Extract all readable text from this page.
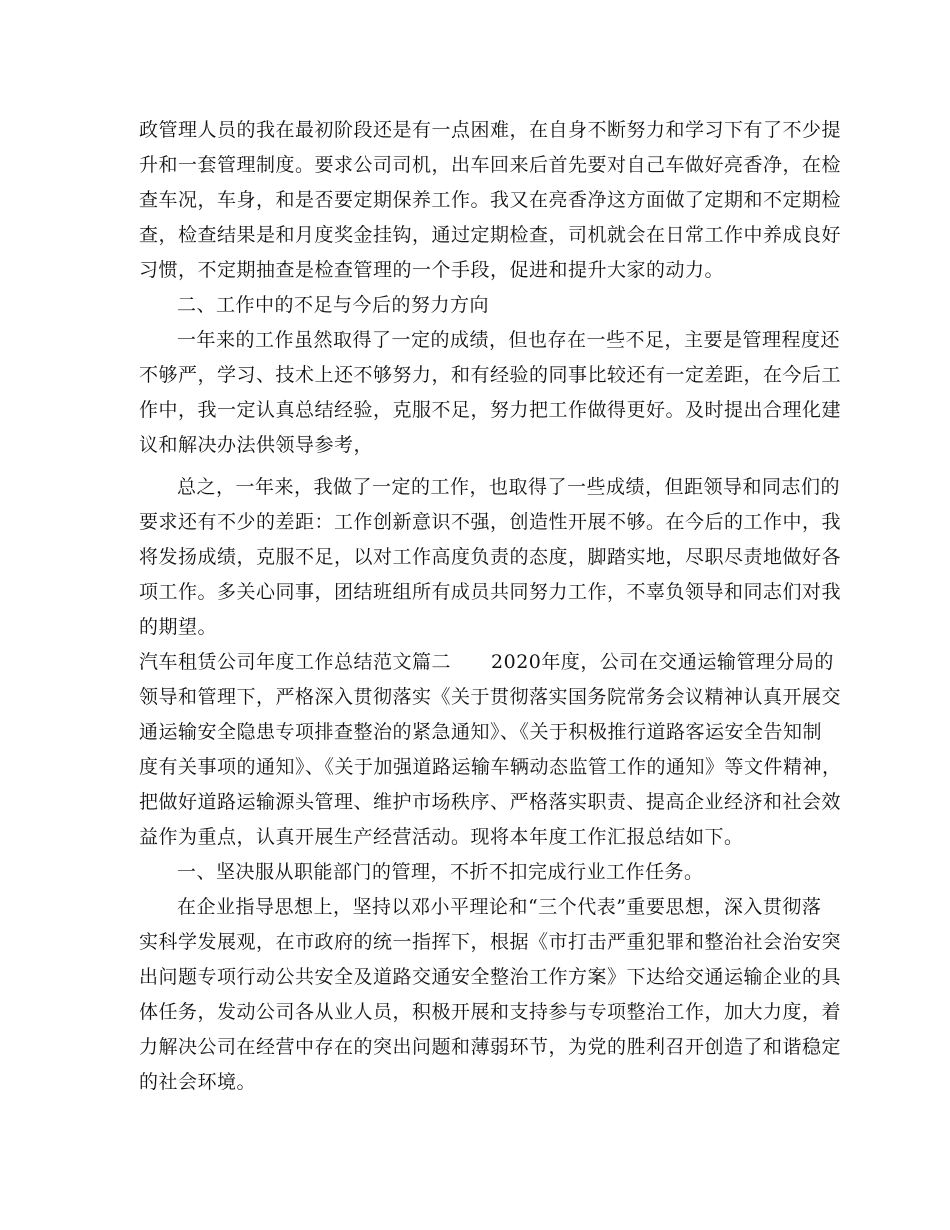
政管理人员的我在最初阶段还是有一点困难，在自身不断努力和学习下有了不少提

升和一套管理制度。要求公司司机，出车回来后首先要对自己车做好亮香净，在检

查车况，车身，和是否要定期保养工作。我又在亮香净这方面做了定期和不定期检

查，检查结果是和月度奖金挂钩，通过定期检查，司机就会在日常工作中养成良好

习惯，不定期抽查是检查管理的一个手段，促进和提升大家的动力。

二、工作中的不足与今后的努力方向

一年来的工作虽然取得了一定的成绩，但也存在一些不足，主要是管理程度还

不够严，学习、技术上还不够努力，和有经验的同事比较还有一定差距，在今后工

作中，我一定认真总结经验，克服不足，努力把工作做得更好。及时提出合理化建

议和解决办法供领导参考，

总之，一年来，我做了一定的工作，也取得了一些成绩，但距领导和同志们的

要求还有不少的差距：工作创新意识不强，创造性开展不够。在今后的工作中，我

将发扬成绩，克服不足，以对工作高度负责的态度，脚踏实地，尽职尽责地做好各

项工作。多关心同事，团结班组所有成员共同努力工作，不辜负领导和同志们对我

的期望。

汽车租赁公司年度工作总结范文篇二 2020年度，公司在交通运输管理分局的

领导和管理下，严格深入贯彻落实《关于贯彻落实国务院常务会议精神认真开展交

通运输安全隐患专项排查整治的紧急通知》、《关于积极推行道路客运安全告知制

度有关事项的通知》、《关于加强道路运输车辆动态监管工作的通知》等文件精神，

把做好道路运输源头管理、维护市场秩序、严格落实职责、提高企业经济和社会效

益作为重点，认真开展生产经营活动。现将本年度工作汇报总结如下。

一、坚决服从职能部门的管理，不折不扣完成行业工作任务。

在企业指导思想上，坚持以邓小平理论和“三个代表”重要思想，深入贯彻落

实科学发展观，在市政府的统一指挥下，根据《市打击严重犯罪和整治社会治安突

出问题专项行动公共安全及道路交通安全整治工作方案》下达给交通运输企业的具

体任务，发动公司各从业人员，积极开展和支持参与专项整治工作，加大力度，着

力解决公司在经营中存在的突出问题和薄弱环节，为党的胜利召开创造了和谐稳定

的社会环境。
